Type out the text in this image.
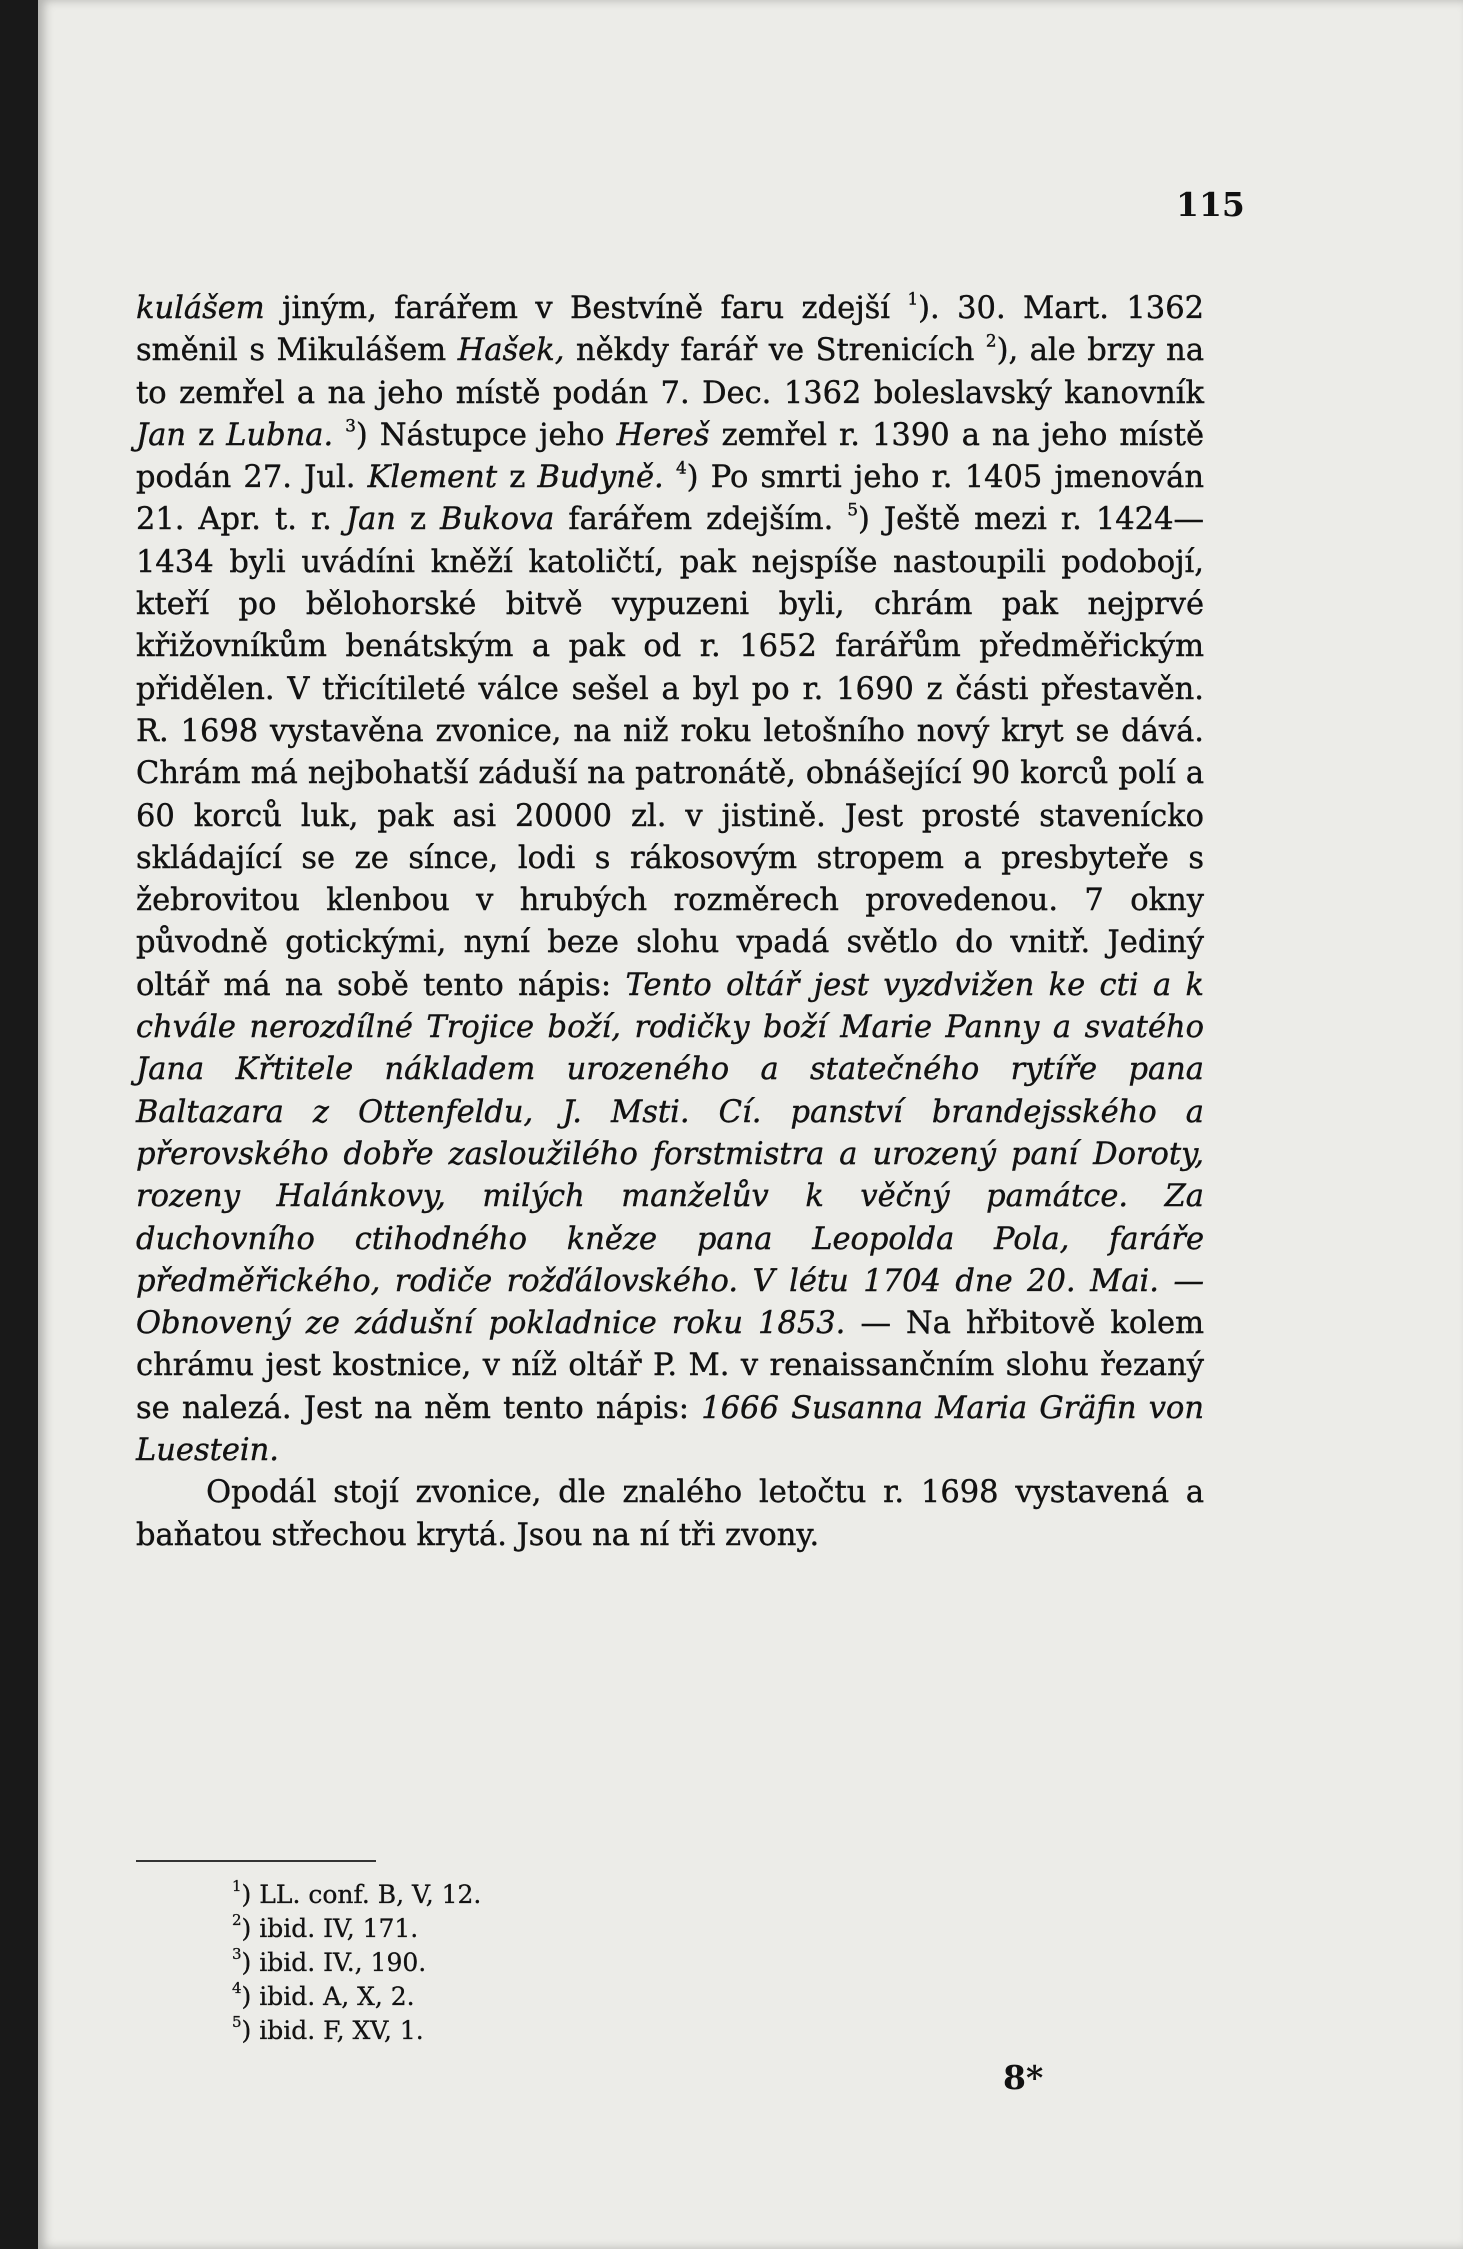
115

kulášem jiným, farářem v Bestvíně faru zdejší $^1$). 30. Mart. 1362 směnil s Mikulášem Hašek, někdy farář ve Strenicích $^2$), ale brzy na to zemřel a na jeho místě podán 7. Dec. 1362 boleslavský kanovník Jan z Lubna. $^3$) Nástupce jeho Hereš zemřel r. 1390 a na jeho místě podán 27. Jul. Klement z Budyně. $^4$) Po smrti jeho r. 1405 jmenován 21. Apr. t. r. Jan z Bukova farářem zdejším. $^5$) Ještě mezi r. 1424—1434 byli uvádíni kněží katoličtí, pak nejspíše nastoupili podobojí, kteří po bělohorské bitvě vypuzeni byli, chrám pak nejprvé křižovníkům benátským a pak od r. 1652 farářům předměřickým přidělen. V třicítileté válce sešel a byl po r. 1690 z části přestavěn. R. 1698 vystavěna zvonice, na niž roku letošního nový kryt se dává. Chrám má nejbohatší záduší na patronátě, obnášející 90 korců polí a 60 korců luk, pak asi 20000 zl. v jistině. Jest prosté stavenícko skládající se ze sínce, lodi s rákosovým stropem a presbyteře s žebrovitou klenbou v hrubých rozměrech provedenou. 7 okny původně gotickými, nyní beze slohu vpadá světlo do vnitř. Jediný oltář má na sobě tento nápis: Tento oltář jest vyzdvižen ke cti a k chvále nerozdílné Trojice boží, rodičky boží Marie Panny a svatého Jana Křtitele nákladem urozeného a statečného rytíře pana Baltazara z Ottenfeldu, J. Msti. Cí. panství brandejsského a přerovského dobře zasloužilého forstmistra a urozený paní Doroty, rozeny Halánkovy, milých manželův k věčný památce. Za duchovního ctihodného kněze pana Leopolda Pola, faráře předměřického, rodiče rožďálovského. V létu 1704 dne 20. Mai. — Obnovený ze zádušní pokladnice roku 1853. — Na hřbitově kolem chrámu jest kostnice, v níž oltář P. M. v renaissančním slohu řezaný se nalezá. Jest na něm tento nápis: 1666 Susanna Maria Gräfin von Luestein.

Opodál stojí zvonice, dle znalého letočtu r. 1698 vystavená a baňatou střechou krytá. Jsou na ní tři zvony.

$^1$) LL. conf. B, V, 12.
$^2$) ibid. IV, 171.
$^3$) ibid. IV., 190.
$^4$) ibid. A, X, 2.
$^5$) ibid. F, XV, 1.
8*
